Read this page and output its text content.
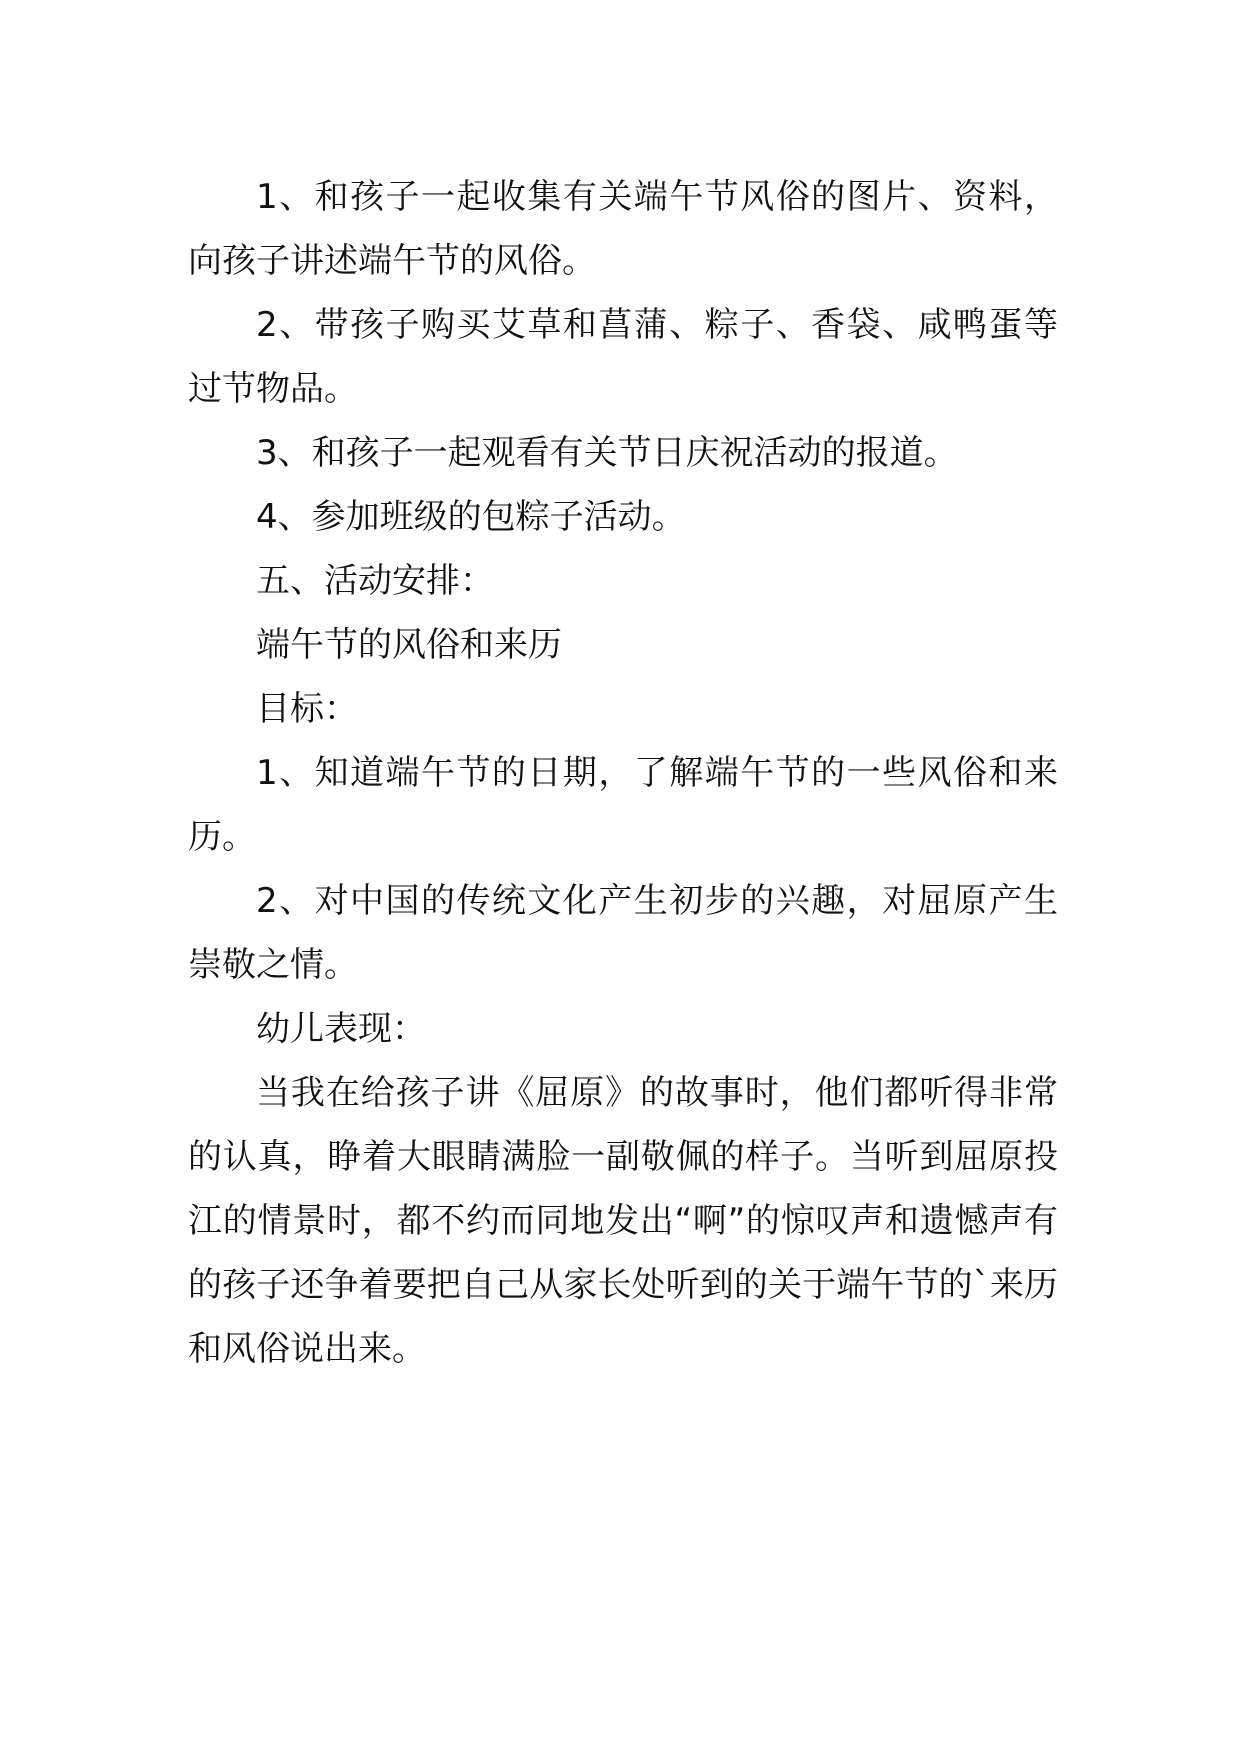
1、和孩子一起收集有关端午节风俗的图片、资料，向孩子讲述端午节的风俗。

2、带孩子购买艾草和菖蒲、粽子、香袋、咸鸭蛋等过节物品。

3、和孩子一起观看有关节日庆祝活动的报道。

4、参加班级的包粽子活动。

五、活动安排：

端午节的风俗和来历

目标：

1、知道端午节的日期，了解端午节的一些风俗和来历。

2、对中国的传统文化产生初步的兴趣，对屈原产生崇敬之情。

幼儿表现：

当我在给孩子讲《屈原》的故事时，他们都听得非常的认真，睁着大眼睛满脸一副敬佩的样子。当听到屈原投江的情景时，都不约而同地发出“啊”的惊叹声和遗憾声有的孩子还争着要把自己从家长处听到的关于端午节的`来历和风俗说出来。
